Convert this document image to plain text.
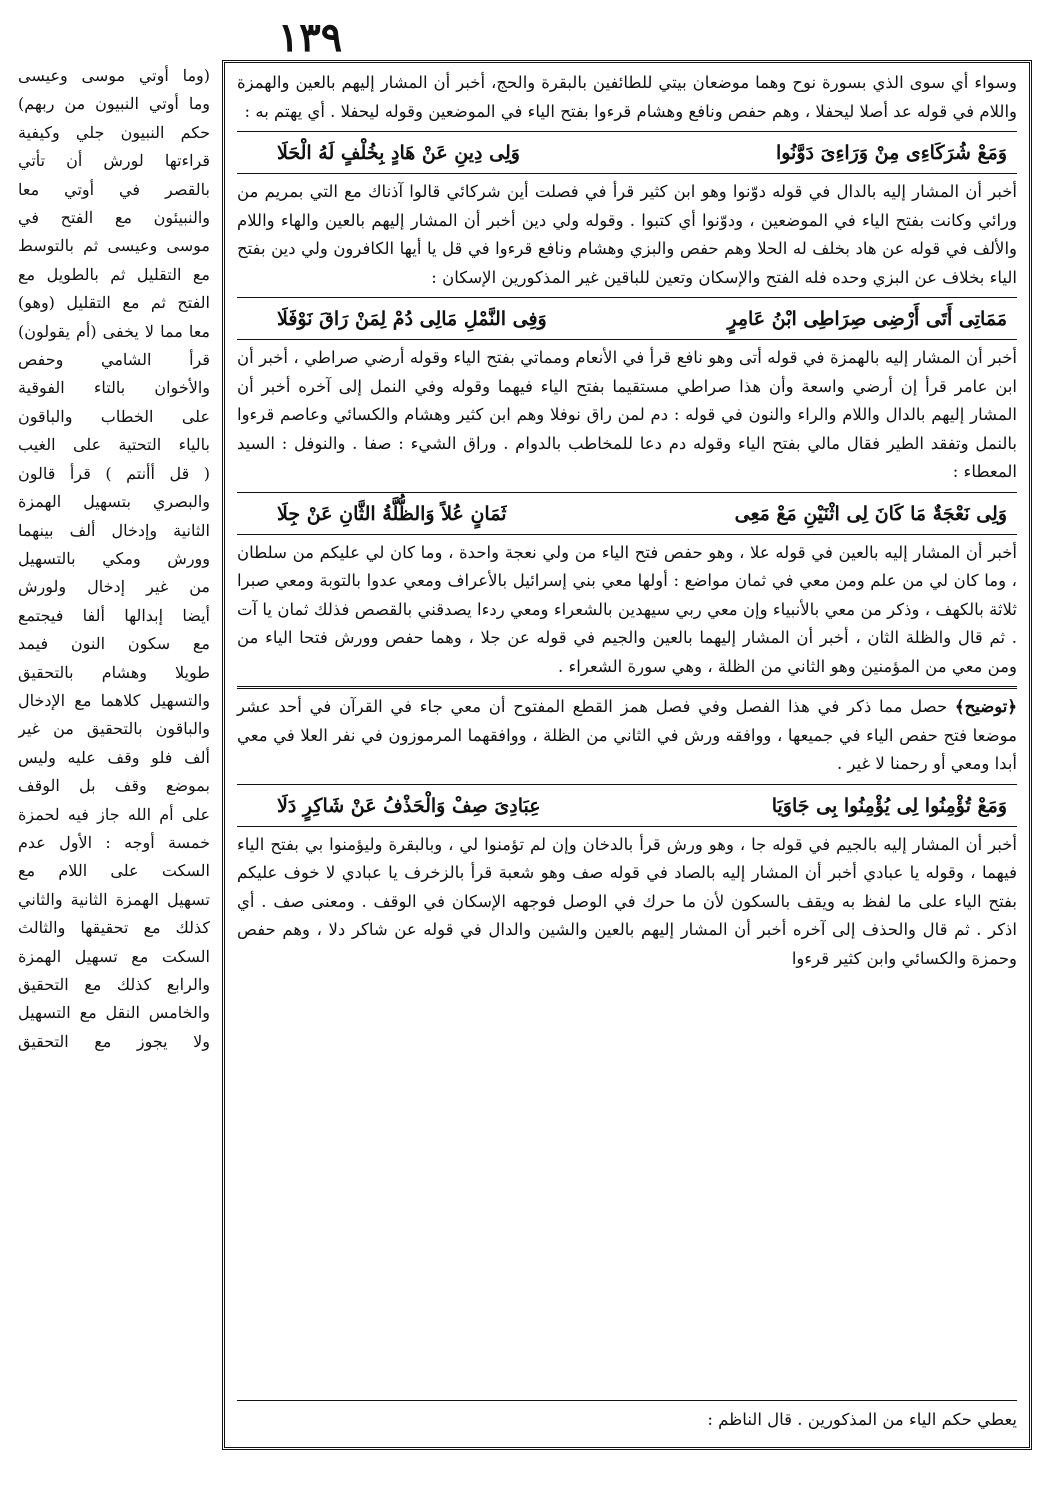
١٣٩
(وما أوتي موسى وعيسى
وما أوتي النبيون من ربهم)
حكم النبيون جلي وكيفية
قراءتها لورش أن تأتي
بالقصر في أوتي معا
والنبيئون مع الفتح في
موسى وعيسى ثم بالتوسط
مع التقليل ثم بالطويل مع
الفتح ثم مع التقليل (وهو)
معا مما لا يخفى (أم يقولون)
قرأ الشامي وحفص
والأخوان بالتاء الفوقية
على الخطاب والباقون
بالياء التحتية على الغيب
( قل أأنتم ) قرأ قالون
والبصري بتسهيل الهمزة
الثانية وإدخال ألف بينهما
وورش ومكي بالتسهيل
من غير إدخال ولورش
أيضا إبدالها ألفا فيجتمع
مع سكون النون فيمد
طويلا وهشام بالتحقيق
والتسهيل كلاهما مع الإدخال
والباقون بالتحقيق من غير
ألف فلو وقف عليه وليس
بموضع وقف بل الوقف
على أم الله جاز فيه لحمزة
خمسة أوجه : الأول عدم
السكت على اللام مع
تسهيل الهمزة الثانية والثاني
كذلك مع تحقيقها والثالث
السكت مع تسهيل الهمزة
والرابع كذلك مع التحقيق
والخامس النقل مع التسهيل
ولا يجوز مع التحقيق

وسواء أي سوى الذي بسورة نوح وهما موضعان بيتي للطائفين بالبقرة والحج، أخبر أن المشار إليهم بالعين والهمزة واللام في قوله عد أصلا ليحفلا ، وهم حفص ونافع وهشام قرءوا بفتح الياء في الموضعين وقوله ليحفلا . أي يهتم به :

وَمَعْ شُرَكَاءِى مِنْ وَرَاءِىَ دَوَّنُوا
وَلِى دِينِ عَنْ هَادٍ بِخُلْفٍ لَهُ الْحَلَا

أخبر أن المشار إليه بالدال في قوله دوّنوا وهو ابن كثير قرأ في فصلت أين شركائي قالوا آذناك مع التي بمريم من ورائي وكانت بفتح الياء في الموضعين ، ودوّنوا أي كتبوا . وقوله ولي دين أخبر أن المشار إليهم بالعين والهاء واللام والألف في قوله عن هاد بخلف له الحلا وهم حفص والبزي وهشام ونافع قرءوا في قل يا أيها الكافرون ولي دين بفتح الياء بخلاف عن البزي وحده فله الفتح والإسكان وتعين للباقين غير المذكورين الإسكان :

مَمَاتِى أَتَى أَرْضِى صِرَاطِى ابْنُ عَامِرٍ
وَفِى النَّمْلِ مَالِى دُمْ لِمَنْ رَاقَ نَوْفَلَا

أخبر أن المشار إليه بالهمزة في قوله أتى وهو نافع قرأ في الأنعام ومماتي بفتح الياء وقوله أرضي صراطي ، أخبر أن ابن عامر قرأ إن أرضي واسعة وأن هذا صراطي مستقيما بفتح الياء فيهما وقوله وفي النمل إلى آخره أخبر أن المشار إليهم بالدال واللام والراء والنون في قوله : دم لمن راق نوفلا وهم ابن كثير وهشام والكسائي وعاصم قرءوا بالنمل وتفقد الطير فقال مالي بفتح الياء وقوله دم دعا للمخاطب بالدوام . وراق الشيء : صفا . والنوفل : السيد المعطاء :

وَلِى نَعْجَةٌ مَا كَانَ لِى اثْنَيْنِ مَعْ مَعِى
ثَمَانٍ عُلاً وَالظُّلَّةُ الثَّانِ عَنْ جِلَا

أخبر أن المشار إليه بالعين في قوله علا ، وهو حفص فتح الياء من ولي نعجة واحدة ، وما كان لي عليكم من سلطان ، وما كان لي من علم ومن معي في ثمان مواضع : أولها معي بني إسرائيل بالأعراف ومعي عدوا بالتوبة ومعي صبرا ثلاثة بالكهف ، وذكر من معي بالأنبياء وإن معي ربي سيهدين بالشعراء ومعي ردءا يصدقني بالقصص فذلك ثمان يا آت . ثم قال والظلة الثان ، أخبر أن المشار إليهما بالعين والجيم في قوله عن جلا ، وهما حفص وورش فتحا الياء من ومن معي من المؤمنين وهو الثاني من الظلة ، وهي سورة الشعراء .

﴿توضيح﴾ حصل مما ذكر في هذا الفصل وفي فصل همز القطع المفتوح أن معي جاء في القرآن في أحد عشر موضعا فتح حفص الياء في جميعها ، ووافقه ورش في الثاني من الظلة ، ووافقهما المرموزون في نفر العلا في معي أبدا ومعي أو رحمنا لا غير .

وَمَعْ تُؤْمِنُوا لِى يُؤْمِنُوا بِى جَاوَيَا
عِبَادِىَ صِفْ وَالْحَذْفُ عَنْ شَاكِرٍ دَلَا

أخبر أن المشار إليه بالجيم في قوله جا ، وهو ورش قرأ بالدخان وإن لم تؤمنوا لي ، وبالبقرة وليؤمنوا بي بفتح الياء فيهما ، وقوله يا عبادي أخبر أن المشار إليه بالصاد في قوله صف وهو شعبة قرأ بالزخرف يا عبادي لا خوف عليكم بفتح الياء على ما لفظ به ويقف بالسكون لأن ما حرك في الوصل فوجهه الإسكان في الوقف . ومعنى صف . أي اذكر . ثم قال والحذف إلى آخره أخبر أن المشار إليهم بالعين والشين والدال في قوله عن شاكر دلا ، وهم حفص وحمزة والكسائي وابن كثير قرءوا

يعطي حكم الياء من المذكورين . قال الناظم :
